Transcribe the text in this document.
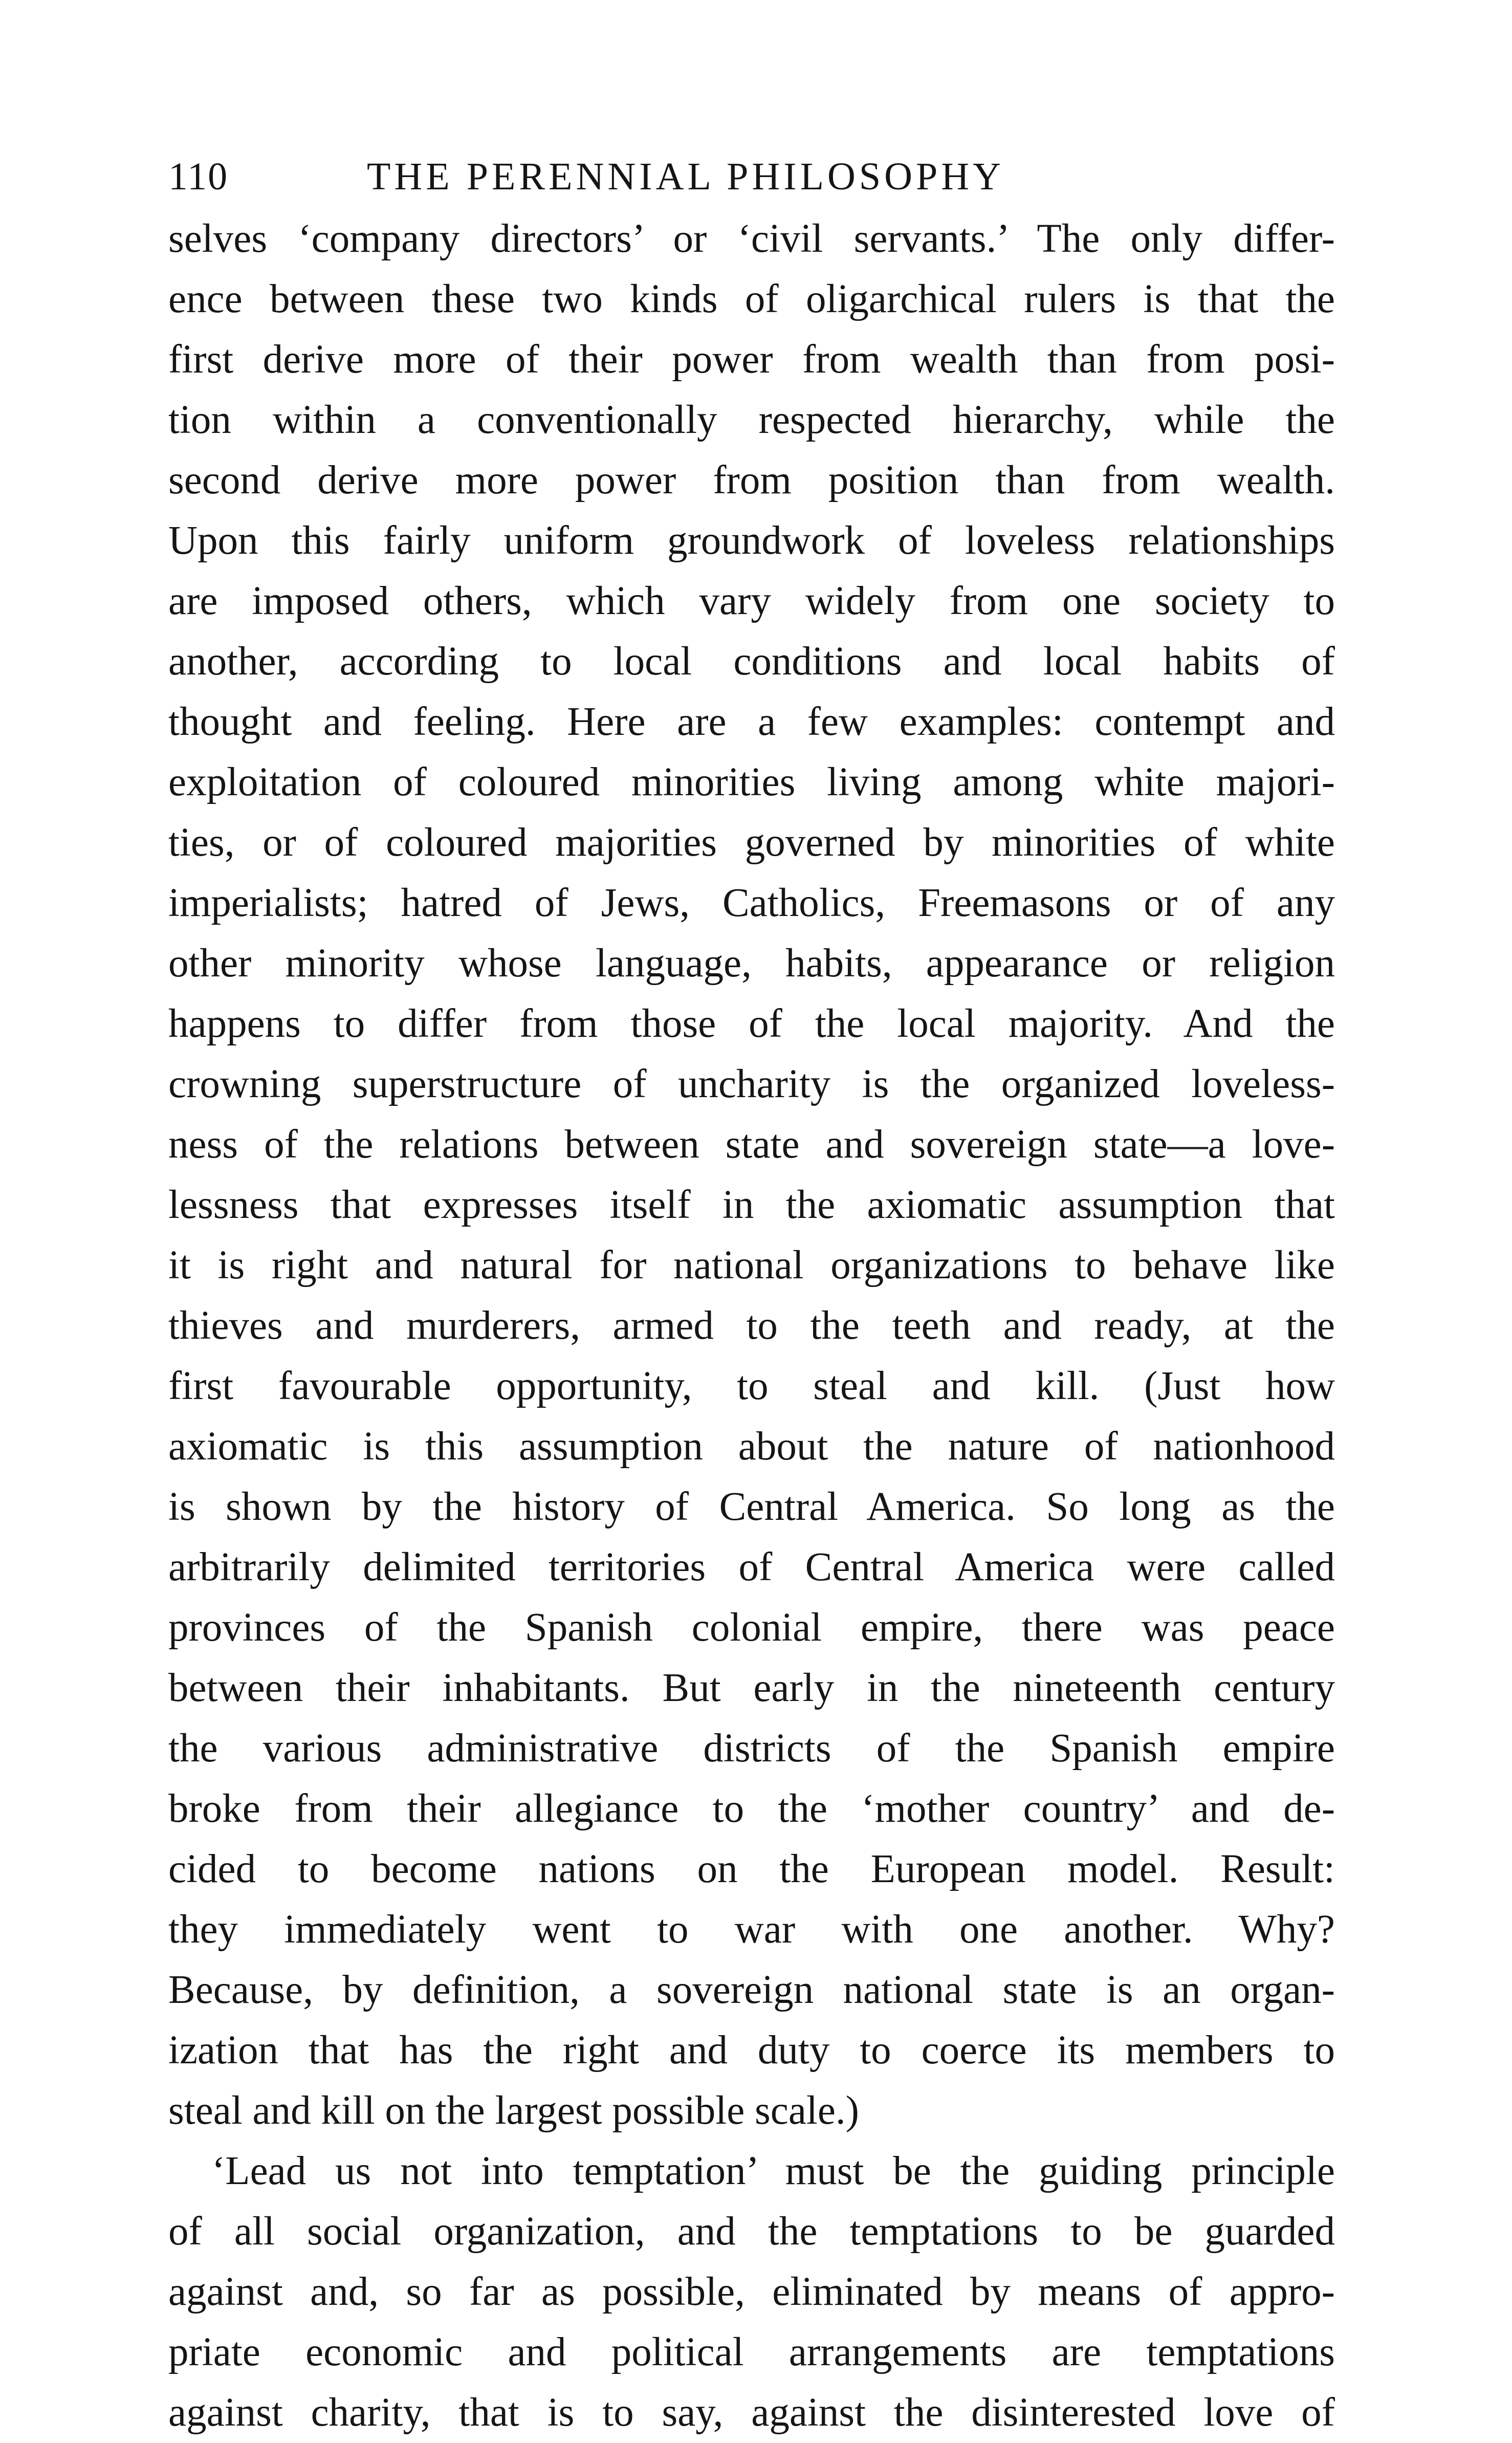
110	THE PERENNIAL PHILOSOPHY
selves ‘company directors’ or ‘civil servants.’ The only differ-
ence between these two kinds of oligarchical rulers is that the
first derive more of their power from wealth than from posi-
tion within a conventionally respected hierarchy, while the
second derive more power from position than from wealth.
Upon this fairly uniform groundwork of loveless relationships
are imposed others, which vary widely from one society to
another, according to local conditions and local habits of
thought and feeling. Here are a few examples: contempt and
exploitation of coloured minorities living among white majori-
ties, or of coloured majorities governed by minorities of white
imperialists; hatred of Jews, Catholics, Freemasons or of any
other minority whose language, habits, appearance or religion
happens to differ from those of the local majority. And the
crowning superstructure of uncharity is the organized loveless-
ness of the relations between state and sovereign state—a love-
lessness that expresses itself in the axiomatic assumption that
it is right and natural for national organizations to behave like
thieves and murderers, armed to the teeth and ready, at the
first favourable opportunity, to steal and kill. (Just how
axiomatic is this assumption about the nature of nationhood
is shown by the history of Central America. So long as the
arbitrarily delimited territories of Central America were called
provinces of the Spanish colonial empire, there was peace
between their inhabitants. But early in the nineteenth century
the various administrative districts of the Spanish empire
broke from their allegiance to the ‘mother country’ and de-
cided to become nations on the European model. Result:
they immediately went to war with one another. Why?
Because, by definition, a sovereign national state is an organ-
ization that has the right and duty to coerce its members to
steal and kill on the largest possible scale.)
‘Lead us not into temptation’ must be the guiding principle
of all social organization, and the temptations to be guarded
against and, so far as possible, eliminated by means of appro-
priate economic and political arrangements are temptations
against charity, that is to say, against the disinterested love of
